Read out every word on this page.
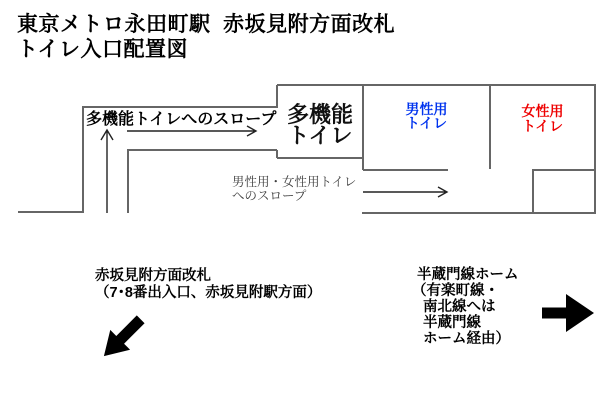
東京メトロ永田町駅  赤坂見附方面改札
トイレ入口配置図
多機能トイレへのスロープ 多機能
トイレ
男性用
トイレ
女性用
トイレ
男性用・女性用トイレ
へのスロープ
赤坂見附方面改札
（7･8番出入口、赤坂見附駅方面）
半蔵門線ホーム
（有楽町線・
南北線へは
半蔵門線
ホーム経由）
